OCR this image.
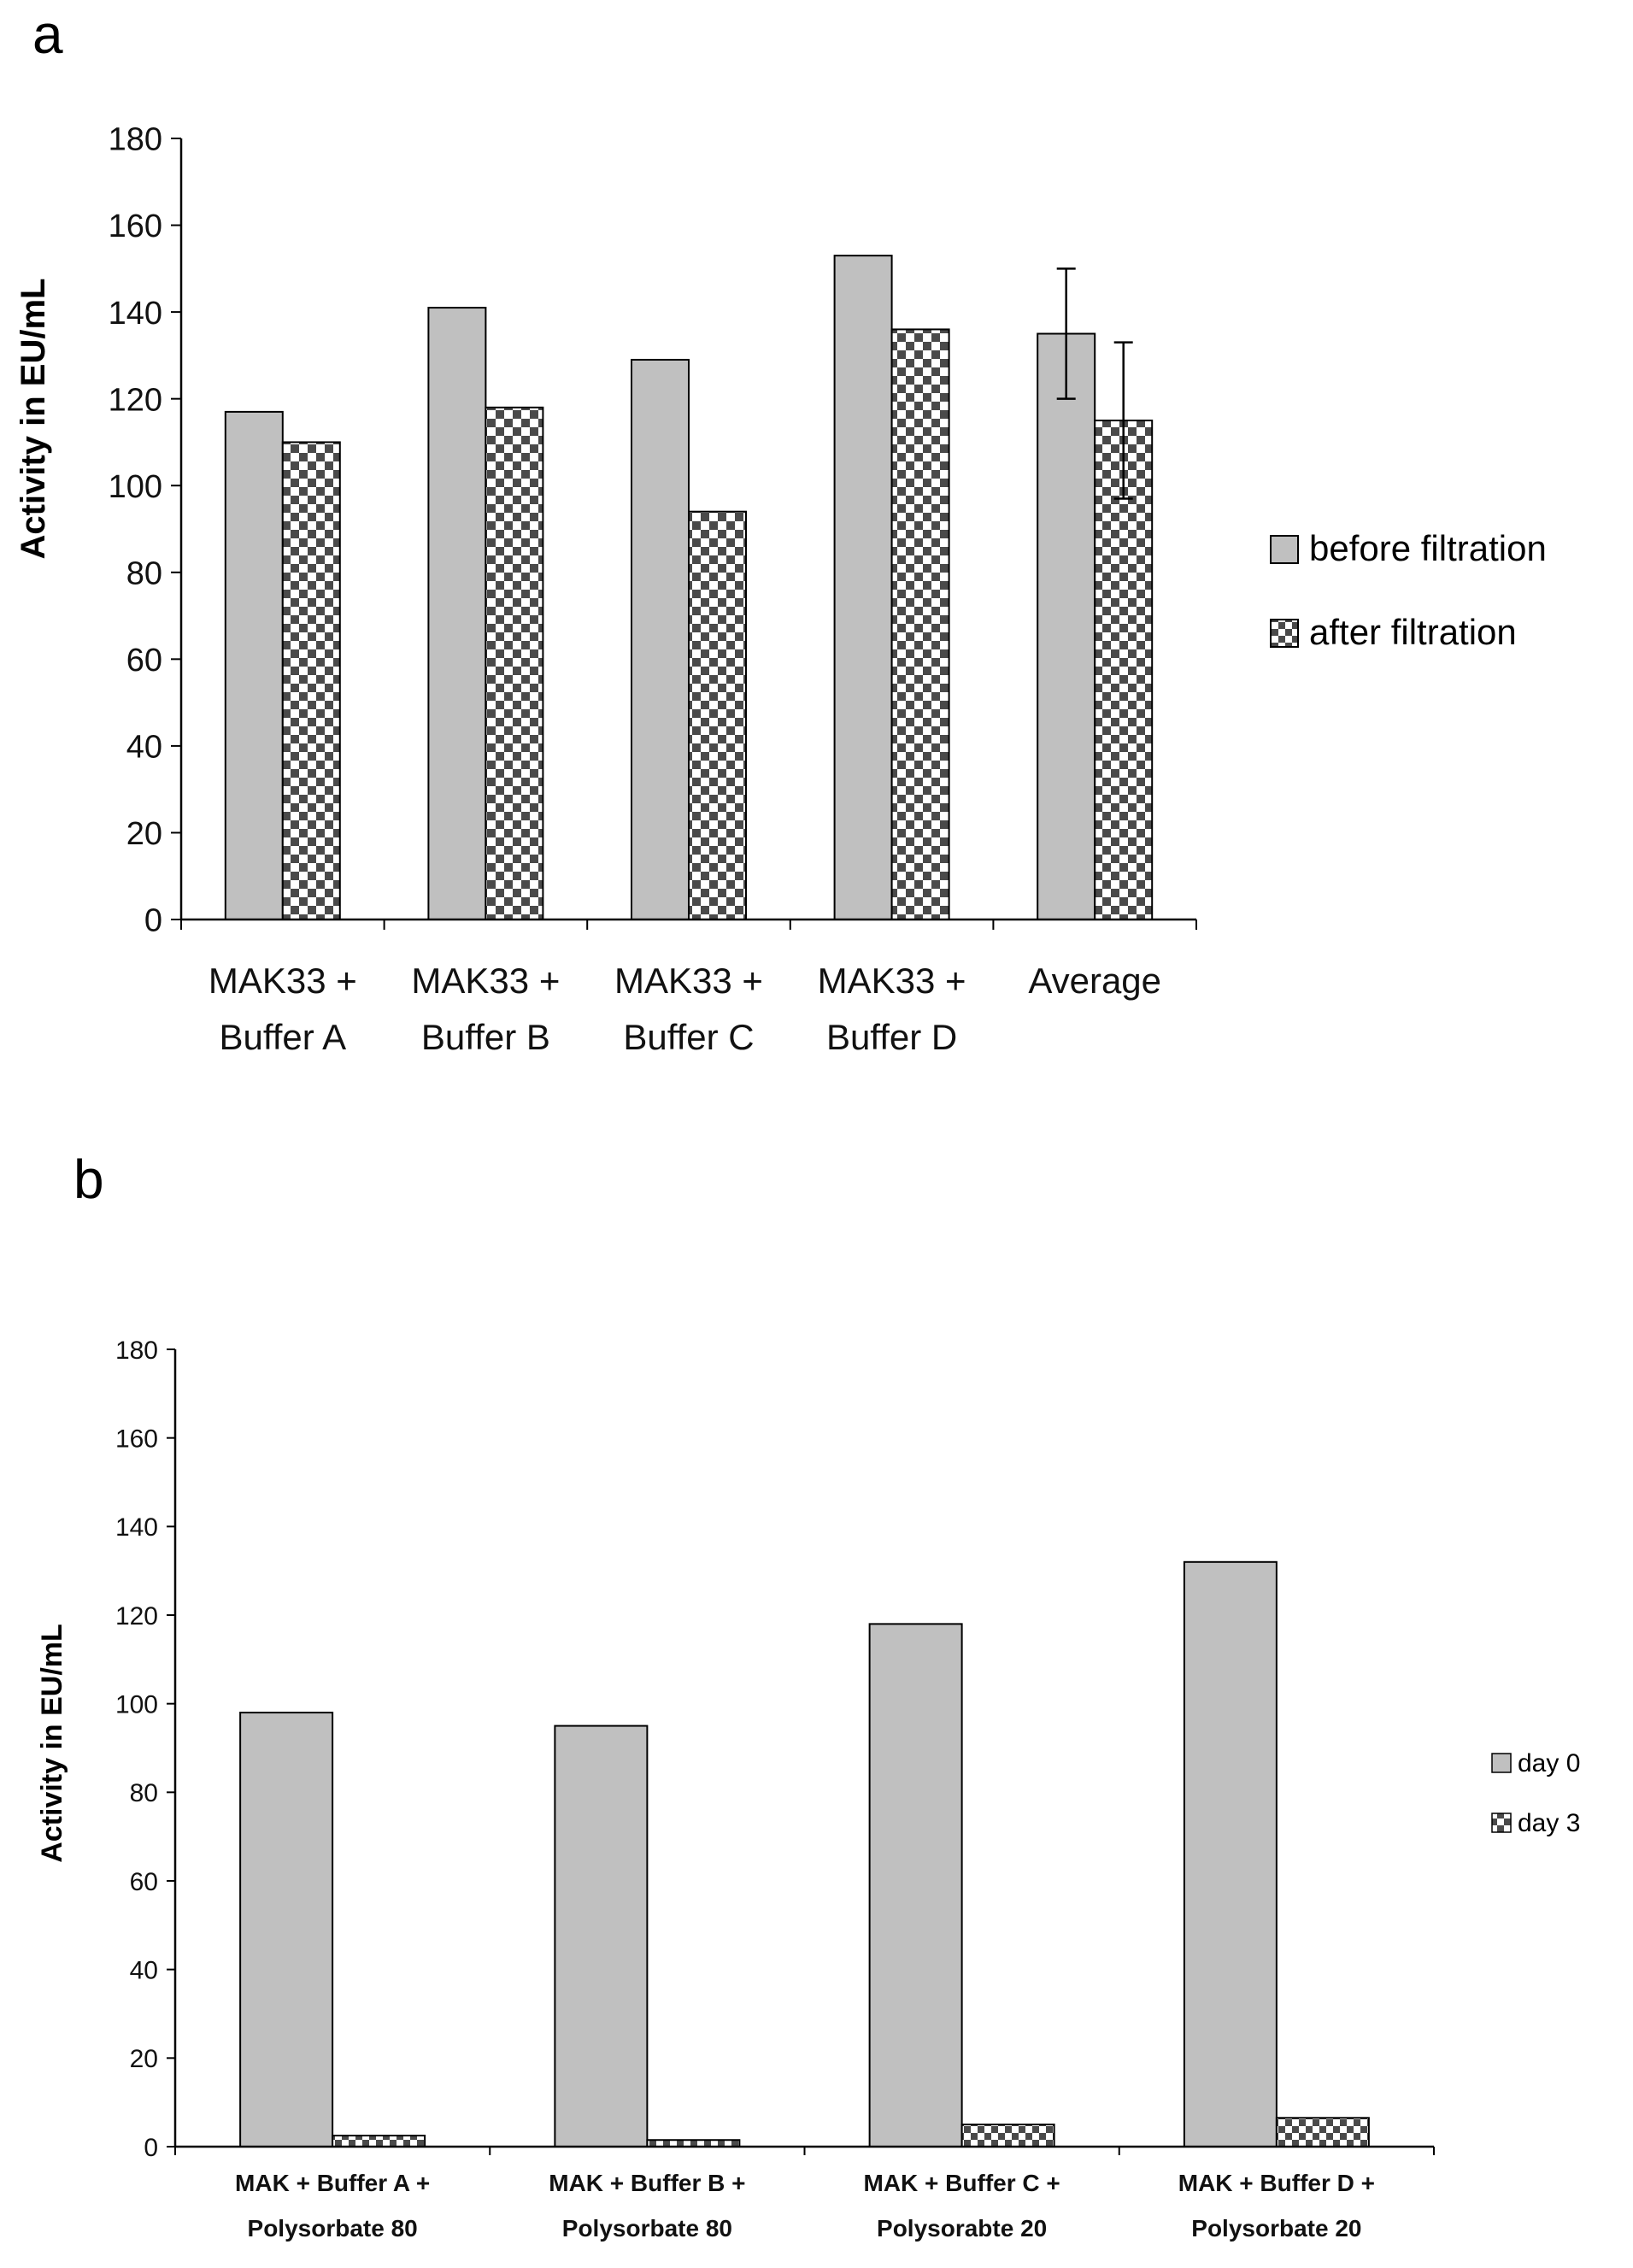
a
Activity in EU/mL
0
20
40
60
80
100
120
140
160
180
MAK33 +
Buffer A
MAK33 +
Buffer B
MAK33 +
Buffer C
MAK33 +
Buffer D
Average
before filtration
after filtration
b
Activity in EU/mL
0
20
40
60
80
100
120
140
160
180
MAK + Buffer A +
Polysorbate 80
MAK + Buffer B +
Polysorbate 80
MAK + Buffer C +
Polysorabte 20
MAK + Buffer D +
Polysorbate 20
day 0
day 3
